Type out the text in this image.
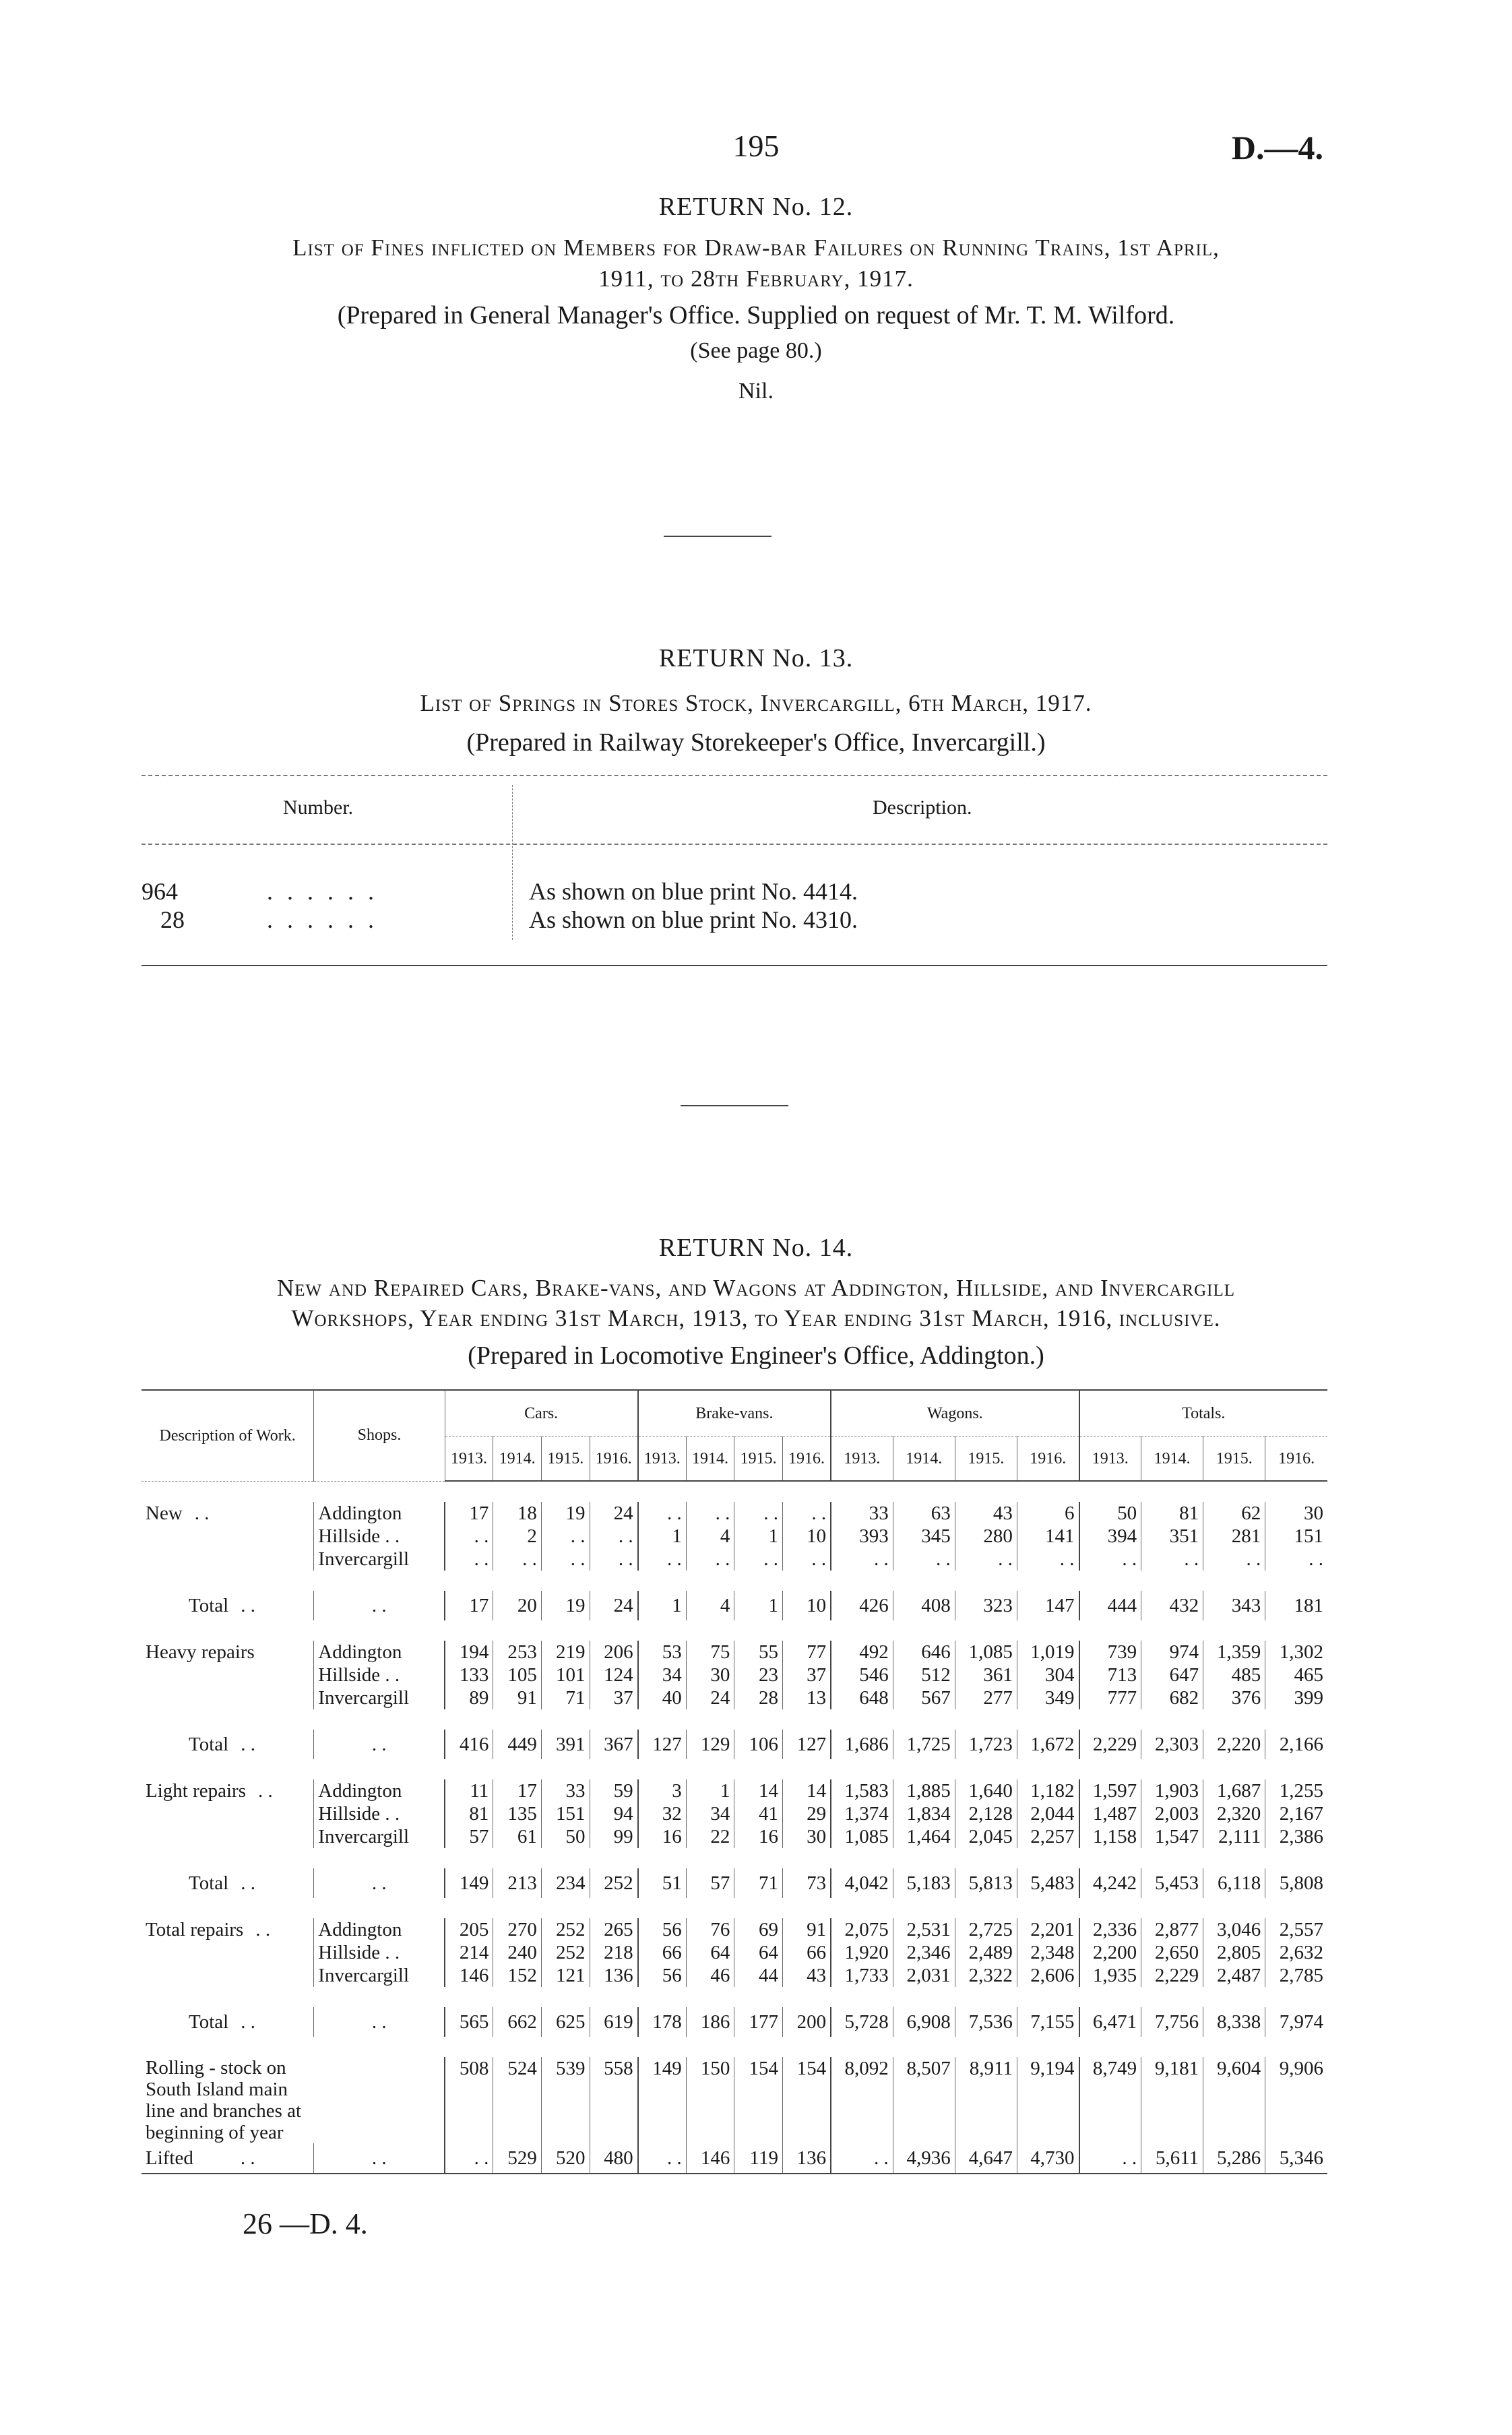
195	D.—4.
RETURN No. 12.
List of Fines inflicted on Members for Draw-bar Failures on Running Trains, 1st April,
1911, to 28th February, 1917.
(Prepared in General Manager's Office. Supplied on request of Mr. T. M. Wilford.
(See page 80.)
Nil.
RETURN No. 13.
List of Springs in Stores Stock, Invercargill, 6th March, 1917.
(Prepared in Railway Storekeeper's Office, Invercargill.)
Number.	Description.
964	. . . . . .	As shown on blue print No. 4414.
28	. . . . . .	As shown on blue print No. 4310.
RETURN No. 14.
New and Repaired Cars, Brake-vans, and Wagons at Addington, Hillside, and Invercargill
Workshops, Year ending 31st March, 1913, to Year ending 31st March, 1916, inclusive.
(Prepared in Locomotive Engineer's Office, Addington.)
Description of Work.	Shops.	Cars.				Brake-vans.				Wagons.				Totals.			
		1913.	1914.	1915.	1916.	1913.	1914.	1915.	1916.	1913.	1914.	1915.	1916.	1913.	1914.	1915.	1916.

New . .	Addington	17	18	19	24	. .	. .	. .	. .	33	63	43	6	50	81	62	30
	Hillside . .	. .	2	. .	. .	1	4	1	10	393	345	280	141	394	351	281	151
	Invercargill	. .	. .	. .	. .	. .	. .	. .	. .	. .	. .	. .	. .	. .	. .	. .	. .

Total . .	. .	17	20	19	24	1	4	1	10	426	408	323	147	444	432	343	181

Heavy repairs	Addington	194	253	219	206	53	75	55	77	492	646	1,085	1,019	739	974	1,359	1,302
	Hillside . .	133	105	101	124	34	30	23	37	546	512	361	304	713	647	485	465
	Invercargill	89	91	71	37	40	24	28	13	648	567	277	349	777	682	376	399

Total . .	. .	416	449	391	367	127	129	106	127	1,686	1,725	1,723	1,672	2,229	2,303	2,220	2,166

Light repairs . .	Addington	11	17	33	59	3	1	14	14	1,583	1,885	1,640	1,182	1,597	1,903	1,687	1,255
	Hillside . .	81	135	151	94	32	34	41	29	1,374	1,834	2,128	2,044	1,487	2,003	2,320	2,167
	Invercargill	57	61	50	99	16	22	16	30	1,085	1,464	2,045	2,257	1,158	1,547	2,111	2,386

Total . .	. .	149	213	234	252	51	57	71	73	4,042	5,183	5,813	5,483	4,242	5,453	6,118	5,808

Total repairs . .	Addington	205	270	252	265	56	76	69	91	2,075	2,531	2,725	2,201	2,336	2,877	3,046	2,557
	Hillside . .	214	240	252	218	66	64	64	66	1,920	2,346	2,489	2,348	2,200	2,650	2,805	2,632
	Invercargill	146	152	121	136	56	46	44	43	1,733	2,031	2,322	2,606	1,935	2,229	2,487	2,785

Total . .	. .	565	662	625	619	178	186	177	200	5,728	6,908	7,536	7,155	6,471	7,756	8,338	7,974

Rolling - stock on South Island main line and branches at beginning of year		508	524	539	558	149	150	154	154	8,092	8,507	8,911	9,194	8,749	9,181	9,604	9,906
Lifted . .	. .	. .	529	520	480	. .	146	119	136	. .	4,936	4,647	4,730	. .	5,611	5,286	5,346
26 —D. 4.
